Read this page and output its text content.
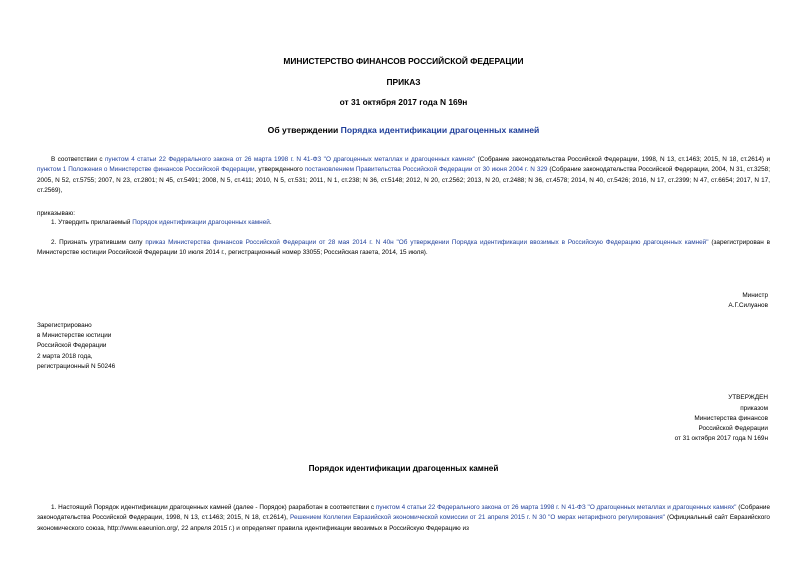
МИНИСТЕРСТВО ФИНАНСОВ РОССИЙСКОЙ ФЕДЕРАЦИИ
ПРИКАЗ
от 31 октября 2017 года N 169н
Об утверждении Порядка идентификации драгоценных камней
В соответствии с пунктом 4 статьи 22 Федерального закона от 26 марта 1998 г. N 41-ФЗ "О драгоценных металлах и драгоценных камнях" (Собрание законодательства Российской Федерации, 1998, N 13, ст.1463; 2015, N 18, ст.2614) и пунктом 1 Положения о Министерстве финансов Российской Федерации, утвержденного постановлением Правительства Российской Федерации от 30 июня 2004 г. N 329 (Собрание законодательства Российской Федерации, 2004, N 31, ст.3258; 2005, N 52, ст.5755; 2007, N 23, ст.2801; N 45, ст.5491; 2008, N 5, ст.411; 2010, N 5, ст.531; 2011, N 1, ст.238; N 36, ст.5148; 2012, N 20, ст.2562; 2013, N 20, ст.2488; N 36, ст.4578; 2014, N 40, ст.5426; 2016, N 17, ст.2399; N 47, ст.6654; 2017, N 17, ст.2569),
приказываю:
1. Утвердить прилагаемый Порядок идентификации драгоценных камней.
2. Признать утратившим силу приказ Министерства финансов Российской Федерации от 28 мая 2014 г. N 40н "Об утверждении Порядка идентификации ввозимых в Российскую Федерацию драгоценных камней" (зарегистрирован в Министерстве юстиции Российской Федерации 10 июля 2014 г., регистрационный номер 33055; Российская газета, 2014, 15 июля).
Министр
А.Г.Силуанов
Зарегистрировано
в Министерстве юстиции
Российской Федерации
2 марта 2018 года,
регистрационный N 50246
УТВЕРЖДЕН
приказом
Министерства финансов
Российской Федерации
от 31 октября 2017 года N 169н
Порядок идентификации драгоценных камней
1. Настоящий Порядок идентификации драгоценных камней (далее - Порядок) разработан в соответствии с пунктом 4 статьи 22 Федерального закона от 26 марта 1998 г. N 41-ФЗ "О драгоценных металлах и драгоценных камнях" (Собрание законодательства Российской Федерации, 1998, N 13, ст.1463; 2015, N 18, ст.2614), Решением Коллегии Евразийской экономической комиссии от 21 апреля 2015 г. N 30 "О мерах нетарифного регулирования" (Официальный сайт Евразийского экономического союза, http://www.eaeunion.org/, 22 апреля 2015 г.) и определяет правила идентификации ввозимых в Российскую Федерацию из
